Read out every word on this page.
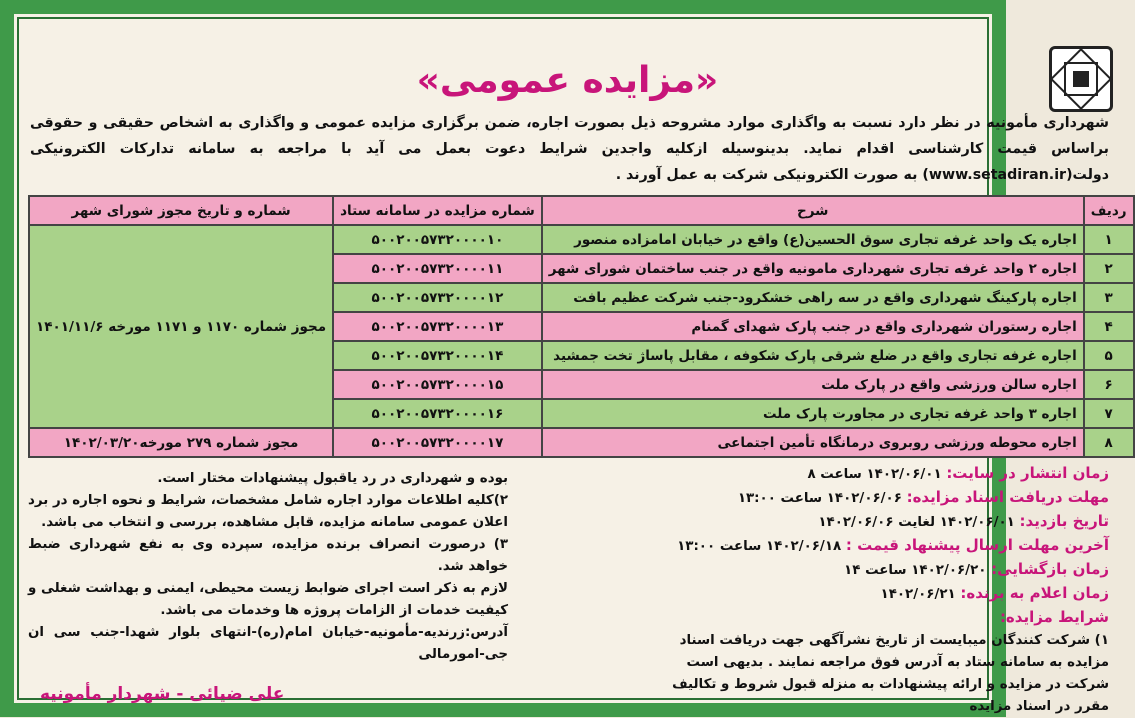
«مزایده عمومی»
شهرداری مأمونیه در نظر دارد نسبت به واگذاری موارد مشروحه ذیل بصورت اجاره، ضمن برگزاری مزایده عمومی و واگذاری به اشخاص حقیقی و حقوقی براساس قیمت کارشناسی اقدام نماید. بدینوسیله ازکلیه واجدین شرایط دعوت بعمل می آید با مراجعه به سامانه تدارکات الکترونیکی دولت(www.setadiran.ir) به صورت الکترونیکی شرکت به عمل آورند .
ردیف	شرح	شماره مزایده در سامانه ستاد	شماره و تاریخ مجوز شورای شهر
۱	اجاره یک واحد غرفه تجاری سوق الحسین(ع) واقع در خیابان امامزاده منصور	۵۰۰۲۰۰۵۷۳۲۰۰۰۰۱۰	مجوز شماره ۱۱۷۰ و ۱۱۷۱ مورخه ۱۴۰۱/۱۱/۶
۲	اجاره ۲ واحد غرفه تجاری شهرداری مامونیه واقع در جنب ساختمان شورای شهر	۵۰۰۲۰۰۵۷۳۲۰۰۰۰۱۱	
۳	اجاره پارکینگ شهرداری واقع در سه راهی خشکرود-جنب شرکت عظیم بافت	۵۰۰۲۰۰۵۷۳۲۰۰۰۰۱۲	
۴	اجاره رستوران شهرداری واقع در جنب پارک شهدای گمنام	۵۰۰۲۰۰۵۷۳۲۰۰۰۰۱۳	
۵	اجاره غرفه تجاری واقع در ضلع شرقی پارک شکوفه ، مقابل پاساژ تخت جمشید	۵۰۰۲۰۰۵۷۳۲۰۰۰۰۱۴	
۶	اجاره سالن ورزشی واقع در پارک ملت	۵۰۰۲۰۰۵۷۳۲۰۰۰۰۱۵	
۷	اجاره ۳ واحد غرفه تجاری در مجاورت پارک ملت	۵۰۰۲۰۰۵۷۳۲۰۰۰۰۱۶	
۸	اجاره محوطه ورزشی روبروی درمانگاه تأمین اجتماعی	۵۰۰۲۰۰۵۷۳۲۰۰۰۰۱۷	مجوز شماره ۲۷۹ مورخه۱۴۰۲/۰۳/۲۰
زمان انتشار در سایت: ۱۴۰۲/۰۶/۰۱ ساعت ۸
مهلت دریافت اسناد مزایده: ۱۴۰۲/۰۶/۰۶ ساعت ۱۳:۰۰
تاریخ بازدید: ۱۴۰۲/۰۶/۰۱ لغایت ۱۴۰۲/۰۶/۰۶
آخرین مهلت ارسال پیشنهاد قیمت : ۱۴۰۲/۰۶/۱۸ ساعت ۱۳:۰۰
زمان بازگشایی: ۱۴۰۲/۰۶/۲۰ ساعت ۱۴
زمان اعلام به برنده: ۱۴۰۲/۰۶/۲۱
شرایط مزایده:
۱) شرکت کنندگان میبایست از تاریخ نشرآگهی جهت دریافت اسناد مزایده به سامانه ستاد به آدرس فوق مراجعه نمایند . بدیهی است شرکت در مزایده و ارائه پیشنهادات به منزله قبول شروط و تکالیف مقرر در اسناد مزایده
بوده و شهرداری در رد یاقبول پیشنهادات مختار است.
۲)کلیه اطلاعات موارد اجاره شامل مشخصات، شرایط و نحوه اجاره در برد اعلان عمومی سامانه مزایده، قابل مشاهده، بررسی و انتخاب می باشد.
۳) درصورت انصراف برنده مزایده، سپرده وی به نفع شهرداری ضبط خواهد شد.
لازم به ذکر است اجرای ضوابط زیست محیطی، ایمنی و بهداشت شغلی و کیفیت خدمات از الزامات پروژه ها وخدمات می باشد.
آدرس:زرندیه-مأمونیه-خیابان امام(ره)-انتهای بلوار شهدا-جنب سی ان جی-امورمالی
علی ضیائی - شهردار مأمونیه
